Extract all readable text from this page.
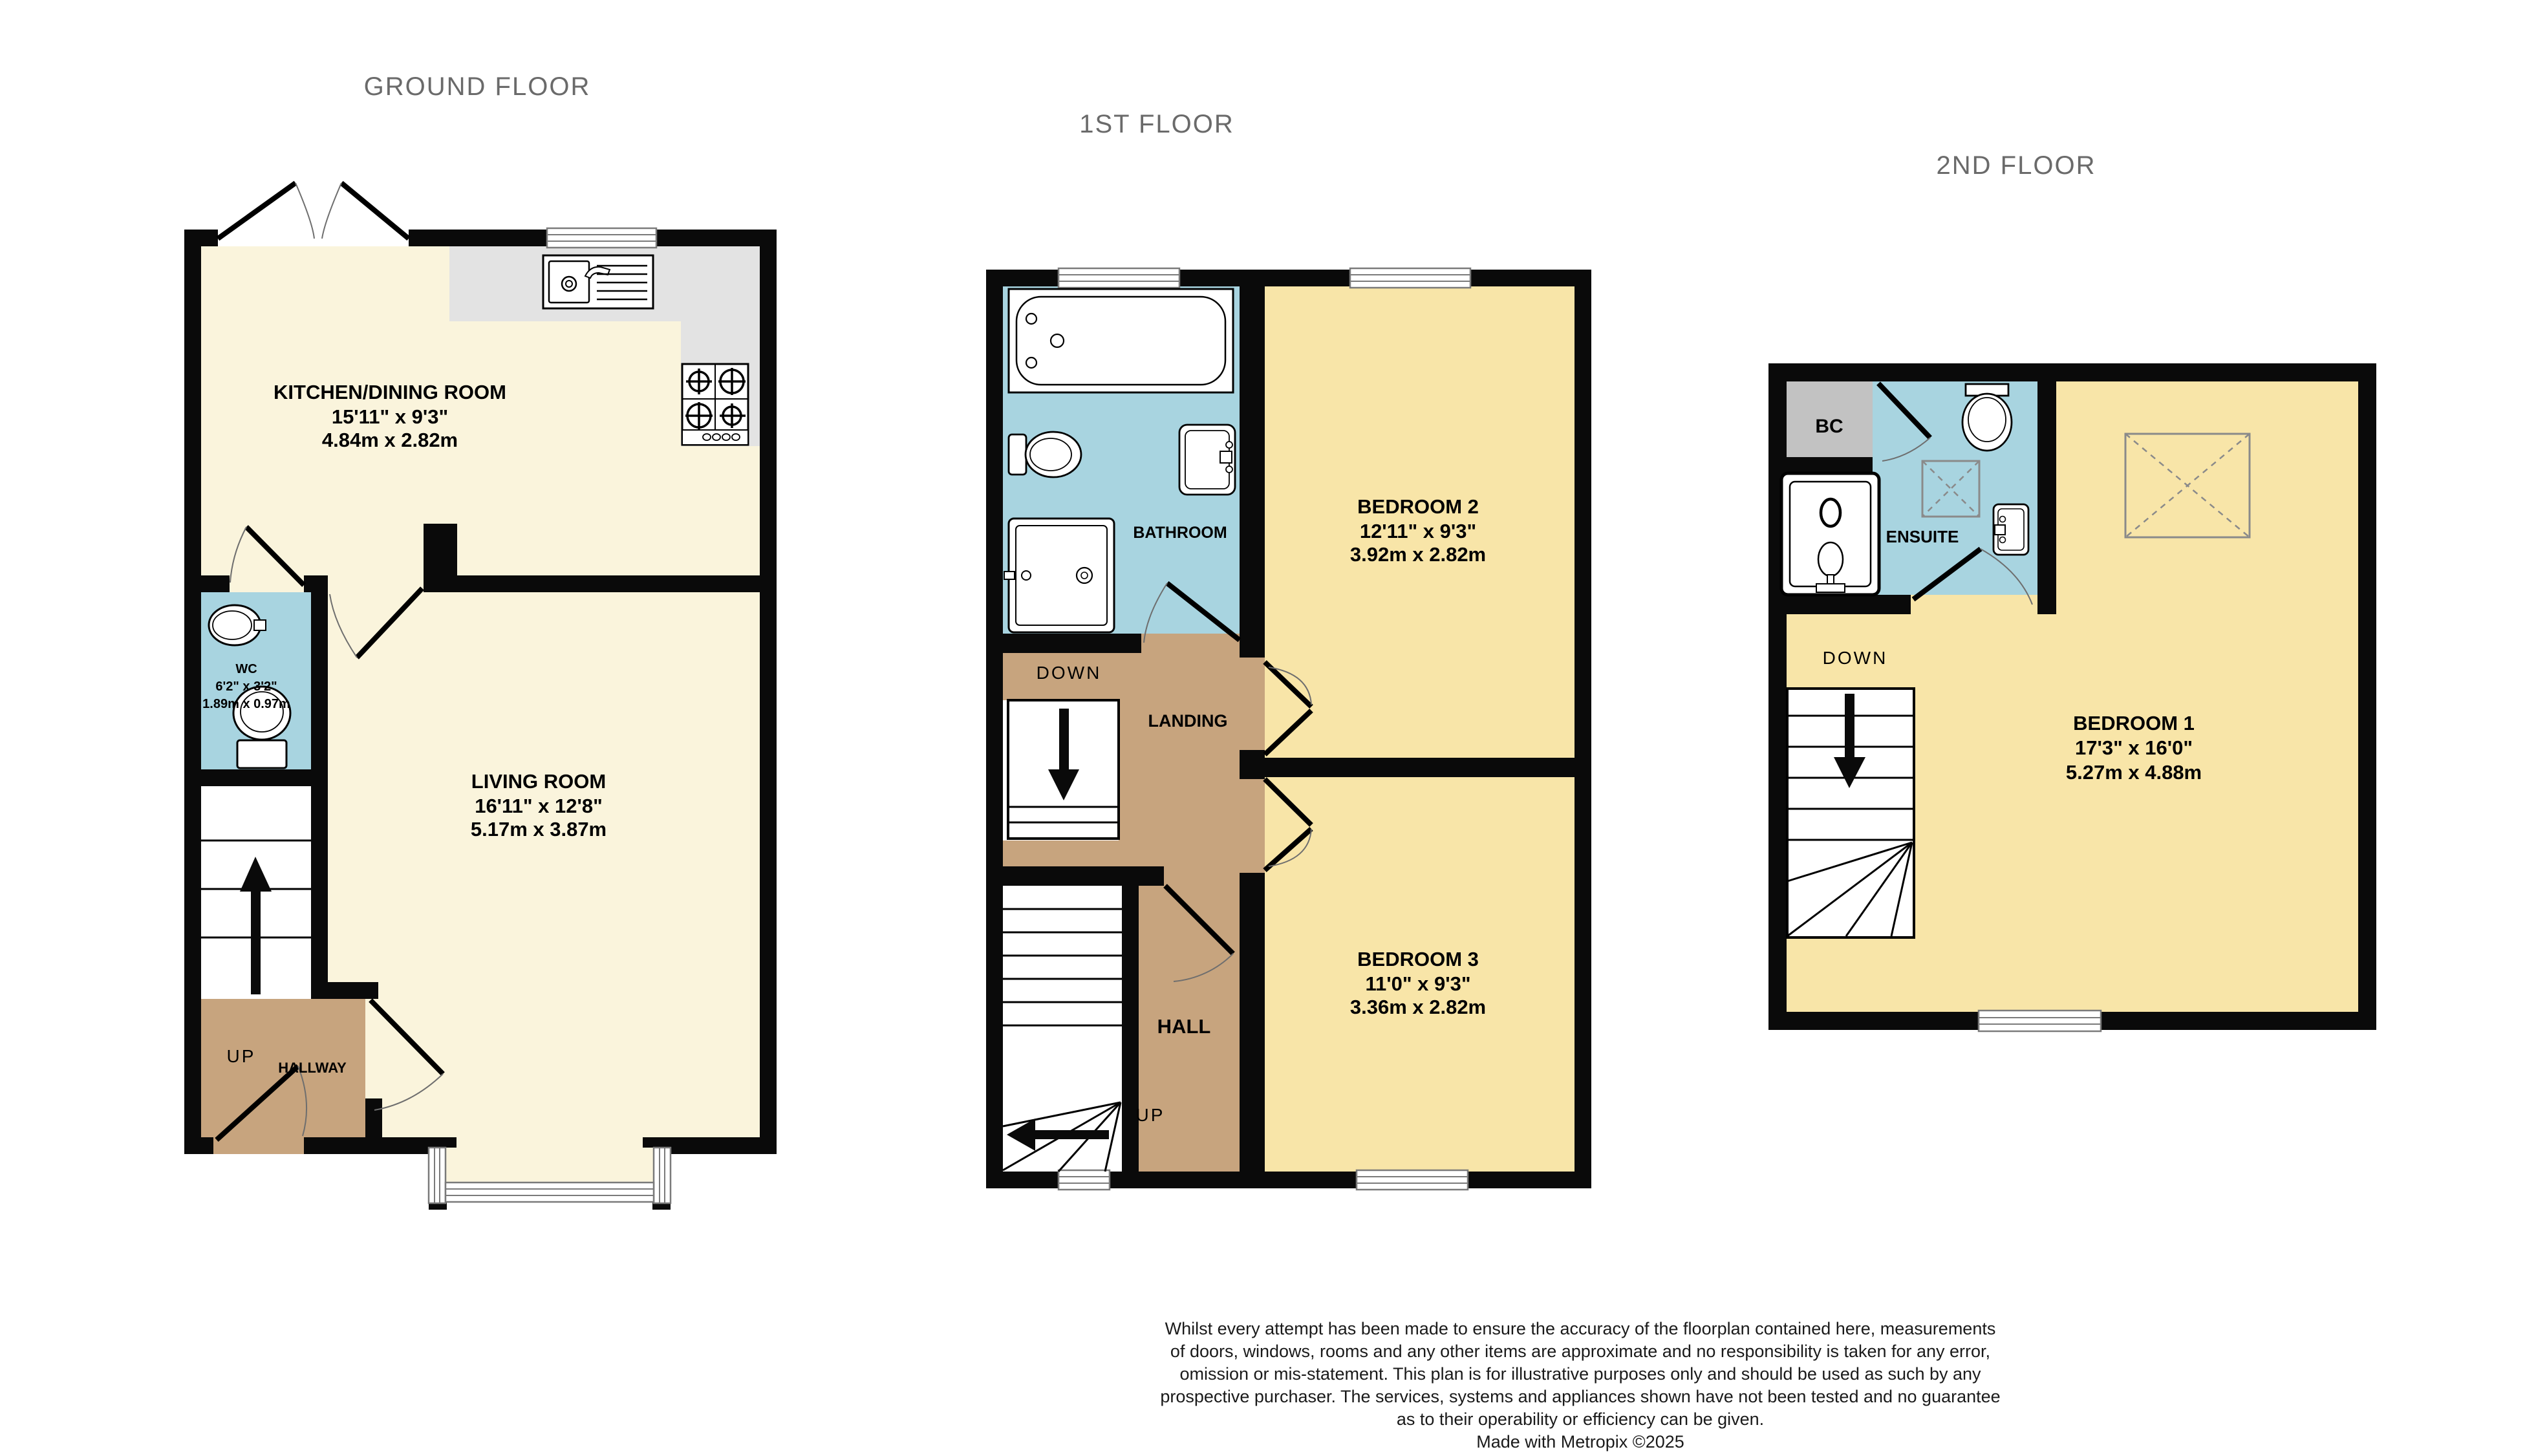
GROUND FLOOR
1ST FLOOR
2ND FLOOR
KITCHEN/DINING ROOM
15'11" x 9'3"
4.84m x 2.82m
WC
6'2" x 3'2"
1.89m x 0.97m
LIVING ROOM
16'11" x 12'8"
5.17m x 3.87m
UP
HALLWAY
BATHROOM
BEDROOM 2
12'11" x 9'3"
3.92m x 2.82m
DOWN
LANDING
BEDROOM 3
11'0" x 9'3"
3.36m x 2.82m
HALL
UP
BC
ENSUITE
DOWN
BEDROOM 1
17'3" x 16'0"
5.27m x 4.88m
Whilst every attempt has been made to ensure the accuracy of the floorplan contained here, measurements
of doors, windows, rooms and any other items are approximate and no responsibility is taken for any error,
omission or mis-statement. This plan is for illustrative purposes only and should be used as such by any
prospective purchaser. The services, systems and appliances shown have not been tested and no guarantee
as to their operability or efficiency can be given.
Made with Metropix ©2025
